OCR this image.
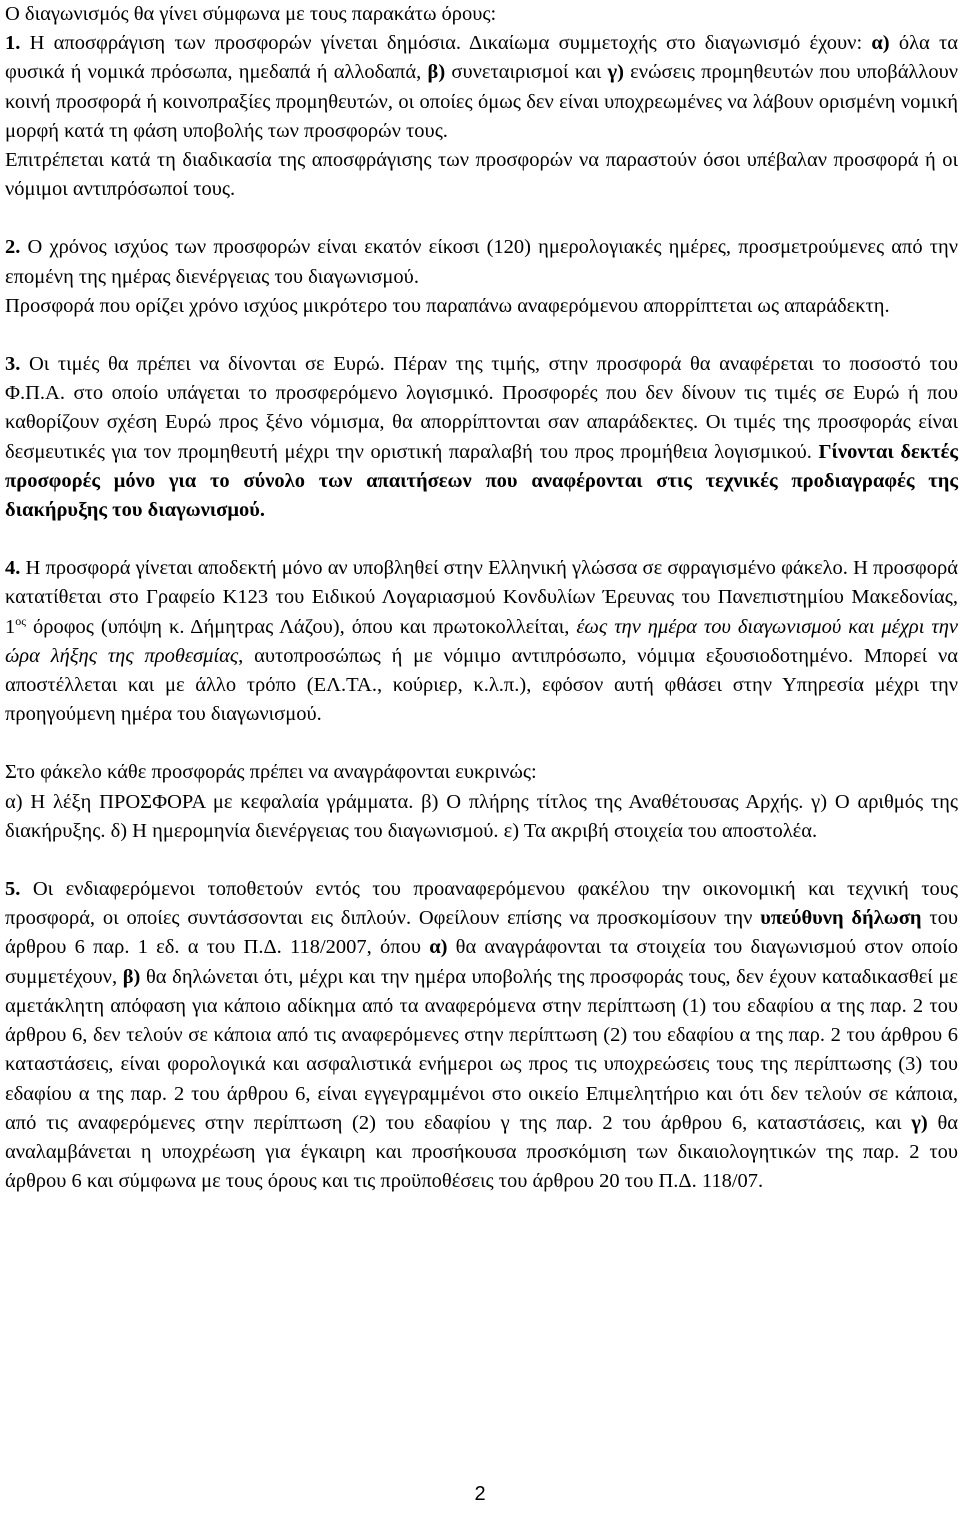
Ο διαγωνισμός θα γίνει σύμφωνα με τους παρακάτω όρους:

1. Η αποσφράγιση των προσφορών γίνεται δημόσια. Δικαίωμα συμμετοχής στο διαγωνισμό έχουν: α) όλα τα φυσικά ή νομικά πρόσωπα, ημεδαπά ή αλλοδαπά, β) συνεταιρισμοί και γ) ενώσεις προμηθευτών που υποβάλλουν κοινή προσφορά ή κοινοπραξίες προμηθευτών, οι οποίες όμως δεν είναι υποχρεωμένες να λάβουν ορισμένη νομική μορφή κατά τη φάση υποβολής των προσφορών τους.

Επιτρέπεται κατά τη διαδικασία της αποσφράγισης των προσφορών να παραστούν όσοι υπέβαλαν προσφορά ή οι νόμιμοι αντιπρόσωποί τους.

2. Ο χρόνος ισχύος των προσφορών είναι εκατόν είκοσι (120) ημερολογιακές ημέρες, προσμετρούμενες από την επομένη της ημέρας διενέργειας του διαγωνισμού.

Προσφορά που ορίζει χρόνο ισχύος μικρότερο του παραπάνω αναφερόμενου απορρίπτεται ως απαράδεκτη.

3. Οι τιμές θα πρέπει να δίνονται σε Ευρώ. Πέραν της τιμής, στην προσφορά θα αναφέρεται το ποσοστό του Φ.Π.Α. στο οποίο υπάγεται το προσφερόμενο λογισμικό. Προσφορές που δεν δίνουν τις τιμές σε Ευρώ ή που καθορίζουν σχέση Ευρώ προς ξένο νόμισμα, θα απορρίπτονται σαν απαράδεκτες. Οι τιμές της προσφοράς είναι δεσμευτικές για τον προμηθευτή μέχρι την οριστική παραλαβή του προς προμήθεια λογισμικού. Γίνονται δεκτές προσφορές μόνο για το σύνολο των απαιτήσεων που αναφέρονται στις τεχνικές προδιαγραφές της διακήρυξης του διαγωνισμού.

4. Η προσφορά γίνεται αποδεκτή μόνο αν υποβληθεί στην Ελληνική γλώσσα σε σφραγισμένο φάκελο. Η προσφορά κατατίθεται στο Γραφείο Κ123 του Ειδικού Λογαριασμού Κονδυλίων Έρευνας του Πανεπιστημίου Μακεδονίας, $1^{o\varsigma}$ όροφος (υπόψη κ. Δήμητρας Λάζου), όπου και πρωτοκολλείται, έως την ημέρα του διαγωνισμού και μέχρι την ώρα λήξης της προθεσμίας, αυτοπροσώπως ή με νόμιμο αντιπρόσωπο, νόμιμα εξουσιοδοτημένο. Μπορεί να αποστέλλεται και με άλλο τρόπο (ΕΛ.ΤΑ., κούριερ, κ.λ.π.), εφόσον αυτή φθάσει στην Υπηρεσία μέχρι την προηγούμενη ημέρα του διαγωνισμού.

Στο φάκελο κάθε προσφοράς πρέπει να αναγράφονται ευκρινώς:

α) Η λέξη ΠΡΟΣΦΟΡΑ με κεφαλαία γράμματα. β) Ο πλήρης τίτλος της Αναθέτουσας Αρχής. γ) Ο αριθμός της διακήρυξης. δ) Η ημερομηνία διενέργειας του διαγωνισμού. ε) Τα ακριβή στοιχεία του αποστολέα.

5. Οι ενδιαφερόμενοι τοποθετούν εντός του προαναφερόμενου φακέλου την οικονομική και τεχνική τους προσφορά, οι οποίες συντάσσονται εις διπλούν. Οφείλουν επίσης να προσκομίσουν την υπεύθυνη δήλωση του άρθρου 6 παρ. 1 εδ. α του Π.Δ. 118/2007, όπου α) θα αναγράφονται τα στοιχεία του διαγωνισμού στον οποίο συμμετέχουν, β) θα δηλώνεται ότι, μέχρι και την ημέρα υποβολής της προσφοράς τους, δεν έχουν καταδικασθεί με αμετάκλητη απόφαση για κάποιο αδίκημα από τα αναφερόμενα στην περίπτωση (1) του εδαφίου α της παρ. 2 του άρθρου 6, δεν τελούν σε κάποια από τις αναφερόμενες στην περίπτωση (2) του εδαφίου α της παρ. 2 του άρθρου 6 καταστάσεις, είναι φορολογικά και ασφαλιστικά ενήμεροι ως προς τις υποχρεώσεις τους της περίπτωσης (3) του εδαφίου α της παρ. 2 του άρθρου 6, είναι εγγεγραμμένοι στο οικείο Επιμελητήριο και ότι δεν τελούν σε κάποια, από τις αναφερόμενες στην περίπτωση (2) του εδαφίου γ της παρ. 2 του άρθρου 6, καταστάσεις, και γ) θα αναλαμβάνεται η υποχρέωση για έγκαιρη και προσήκουσα προσκόμιση των δικαιολογητικών της παρ. 2 του άρθρου 6 και σύμφωνα με τους όρους και τις προϋποθέσεις του άρθρου 20 του Π.Δ. 118/07.

2
